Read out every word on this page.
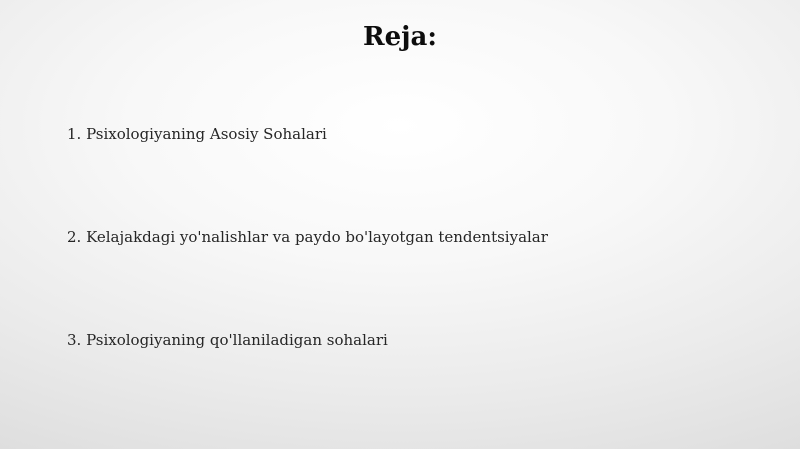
Reja:
1. Psixologiyaning Asosiy Sohalari
2. Kelajakdagi yo'nalishlar va paydo bo'layotgan tendentsiyalar
3. Psixologiyaning qo'llaniladigan sohalari
